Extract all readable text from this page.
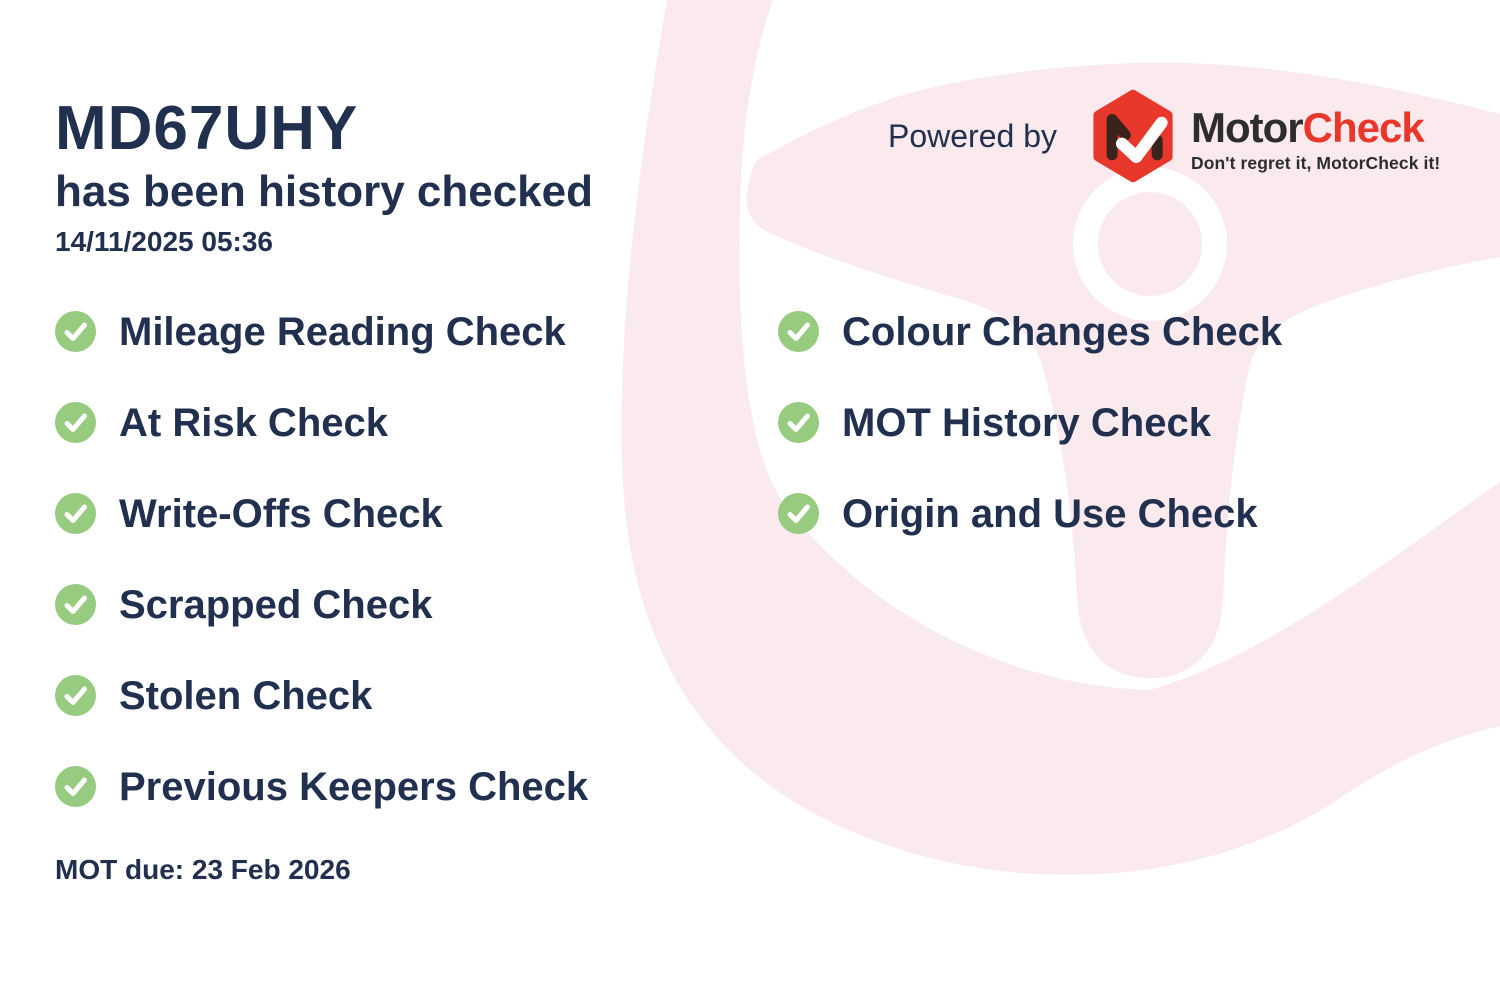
MD67UHY
has been history checked
14/11/2025 05:36
Powered by	MotorCheck
Don't regret it, MotorCheck it!
Mileage Reading Check
At Risk Check
Write-Offs Check
Scrapped Check
Stolen Check
Previous Keepers Check
Colour Changes Check
MOT History Check
Origin and Use Check
MOT due: 23 Feb 2026
